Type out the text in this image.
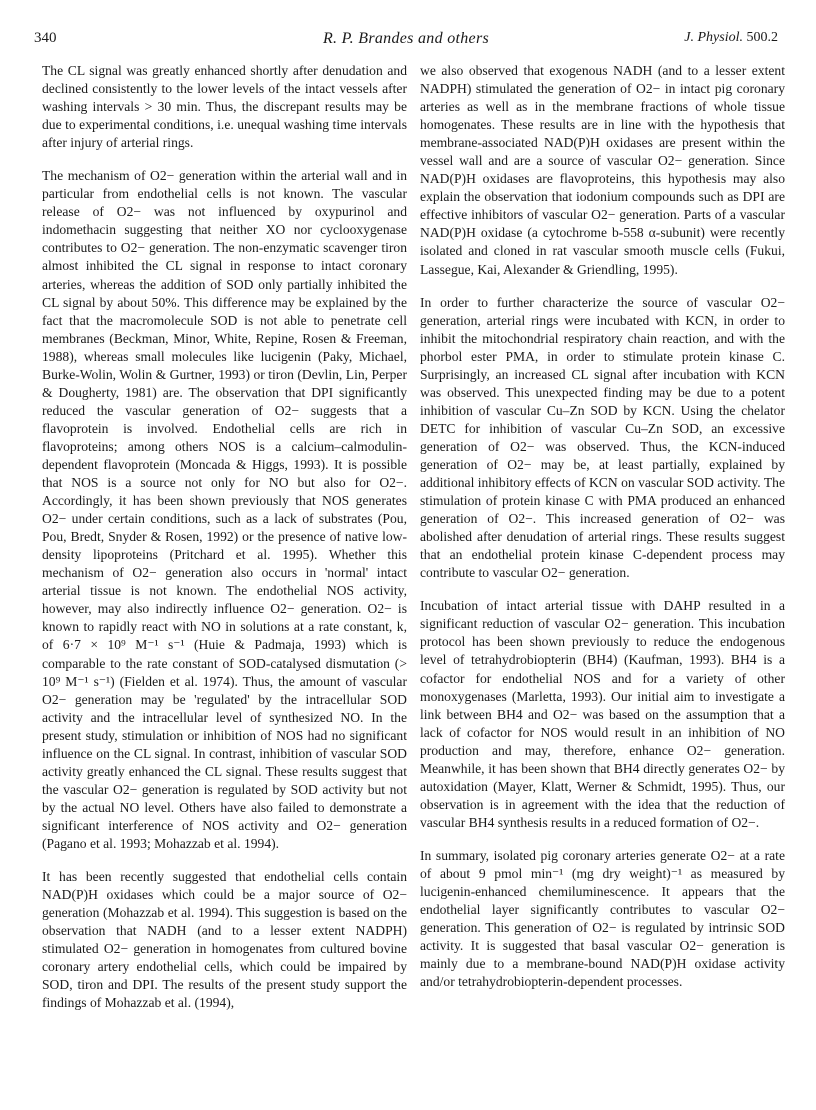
340	R. P. Brandes and others	J. Physiol. 500.2

The CL signal was greatly enhanced shortly after denudation and declined consistently to the lower levels of the intact vessels after washing intervals > 30 min. Thus, the discrepant results may be due to experimental conditions, i.e. unequal washing time intervals after injury of arterial rings.

The mechanism of O2− generation within the arterial wall and in particular from endothelial cells is not known. The vascular release of O2− was not influenced by oxypurinol and indomethacin suggesting that neither XO nor cyclooxygenase contributes to O2− generation. The non-enzymatic scavenger tiron almost inhibited the CL signal in response to intact coronary arteries, whereas the addition of SOD only partially inhibited the CL signal by about 50%. This difference may be explained by the fact that the macromolecule SOD is not able to penetrate cell membranes (Beckman, Minor, White, Repine, Rosen & Freeman, 1988), whereas small molecules like lucigenin (Paky, Michael, Burke-Wolin, Wolin & Gurtner, 1993) or tiron (Devlin, Lin, Perper & Dougherty, 1981) are. The observation that DPI significantly reduced the vascular generation of O2− suggests that a flavoprotein is involved. Endothelial cells are rich in flavoproteins; among others NOS is a calcium–calmodulin-dependent flavoprotein (Moncada & Higgs, 1993). It is possible that NOS is a source not only for NO but also for O2−. Accordingly, it has been shown previously that NOS generates O2− under certain conditions, such as a lack of substrates (Pou, Pou, Bredt, Snyder & Rosen, 1992) or the presence of native low-density lipoproteins (Pritchard et al. 1995). Whether this mechanism of O2− generation also occurs in 'normal' intact arterial tissue is not known. The endothelial NOS activity, however, may also indirectly influence O2− generation. O2− is known to rapidly react with NO in solutions at a rate constant, k, of 6·7 × 10⁹ M⁻¹ s⁻¹ (Huie & Padmaja, 1993) which is comparable to the rate constant of SOD-catalysed dismutation (> 10⁹ M⁻¹ s⁻¹) (Fielden et al. 1974). Thus, the amount of vascular O2− generation may be 'regulated' by the intracellular SOD activity and the intracellular level of synthesized NO. In the present study, stimulation or inhibition of NOS had no significant influence on the CL signal. In contrast, inhibition of vascular SOD activity greatly enhanced the CL signal. These results suggest that the vascular O2− generation is regulated by SOD activity but not by the actual NO level. Others have also failed to demonstrate a significant interference of NOS activity and O2− generation (Pagano et al. 1993; Mohazzab et al. 1994).

It has been recently suggested that endothelial cells contain NAD(P)H oxidases which could be a major source of O2− generation (Mohazzab et al. 1994). This suggestion is based on the observation that NADH (and to a lesser extent NADPH) stimulated O2− generation in homogenates from cultured bovine coronary artery endothelial cells, which could be impaired by SOD, tiron and DPI. The results of the present study support the findings of Mohazzab et al. (1994),

we also observed that exogenous NADH (and to a lesser extent NADPH) stimulated the generation of O2− in intact pig coronary arteries as well as in the membrane fractions of whole tissue homogenates. These results are in line with the hypothesis that membrane-associated NAD(P)H oxidases are present within the vessel wall and are a source of vascular O2− generation. Since NAD(P)H oxidases are flavoproteins, this hypothesis may also explain the observation that iodonium compounds such as DPI are effective inhibitors of vascular O2− generation. Parts of a vascular NAD(P)H oxidase (a cytochrome b-558 α-subunit) were recently isolated and cloned in rat vascular smooth muscle cells (Fukui, Lassegue, Kai, Alexander & Griendling, 1995).

In order to further characterize the source of vascular O2− generation, arterial rings were incubated with KCN, in order to inhibit the mitochondrial respiratory chain reaction, and with the phorbol ester PMA, in order to stimulate protein kinase C. Surprisingly, an increased CL signal after incubation with KCN was observed. This unexpected finding may be due to a potent inhibition of vascular Cu–Zn SOD by KCN. Using the chelator DETC for inhibition of vascular Cu–Zn SOD, an excessive generation of O2− was observed. Thus, the KCN-induced generation of O2− may be, at least partially, explained by additional inhibitory effects of KCN on vascular SOD activity. The stimulation of protein kinase C with PMA produced an enhanced generation of O2−. This increased generation of O2− was abolished after denudation of arterial rings. These results suggest that an endothelial protein kinase C-dependent process may contribute to vascular O2− generation.

Incubation of intact arterial tissue with DAHP resulted in a significant reduction of vascular O2− generation. This incubation protocol has been shown previously to reduce the endogenous level of tetrahydrobiopterin (BH4) (Kaufman, 1993). BH4 is a cofactor for endothelial NOS and for a variety of other monoxygenases (Marletta, 1993). Our initial aim to investigate a link between BH4 and O2− was based on the assumption that a lack of cofactor for NOS would result in an inhibition of NO production and may, therefore, enhance O2− generation. Meanwhile, it has been shown that BH4 directly generates O2− by autoxidation (Mayer, Klatt, Werner & Schmidt, 1995). Thus, our observation is in agreement with the idea that the reduction of vascular BH4 synthesis results in a reduced formation of O2−.

In summary, isolated pig coronary arteries generate O2− at a rate of about 9 pmol min⁻¹ (mg dry weight)⁻¹ as measured by lucigenin-enhanced chemiluminescence. It appears that the endothelial layer significantly contributes to vascular O2− generation. This generation of O2− is regulated by intrinsic SOD activity. It is suggested that basal vascular O2− generation is mainly due to a membrane-bound NAD(P)H oxidase activity and/or tetrahydrobiopterin-dependent processes.
